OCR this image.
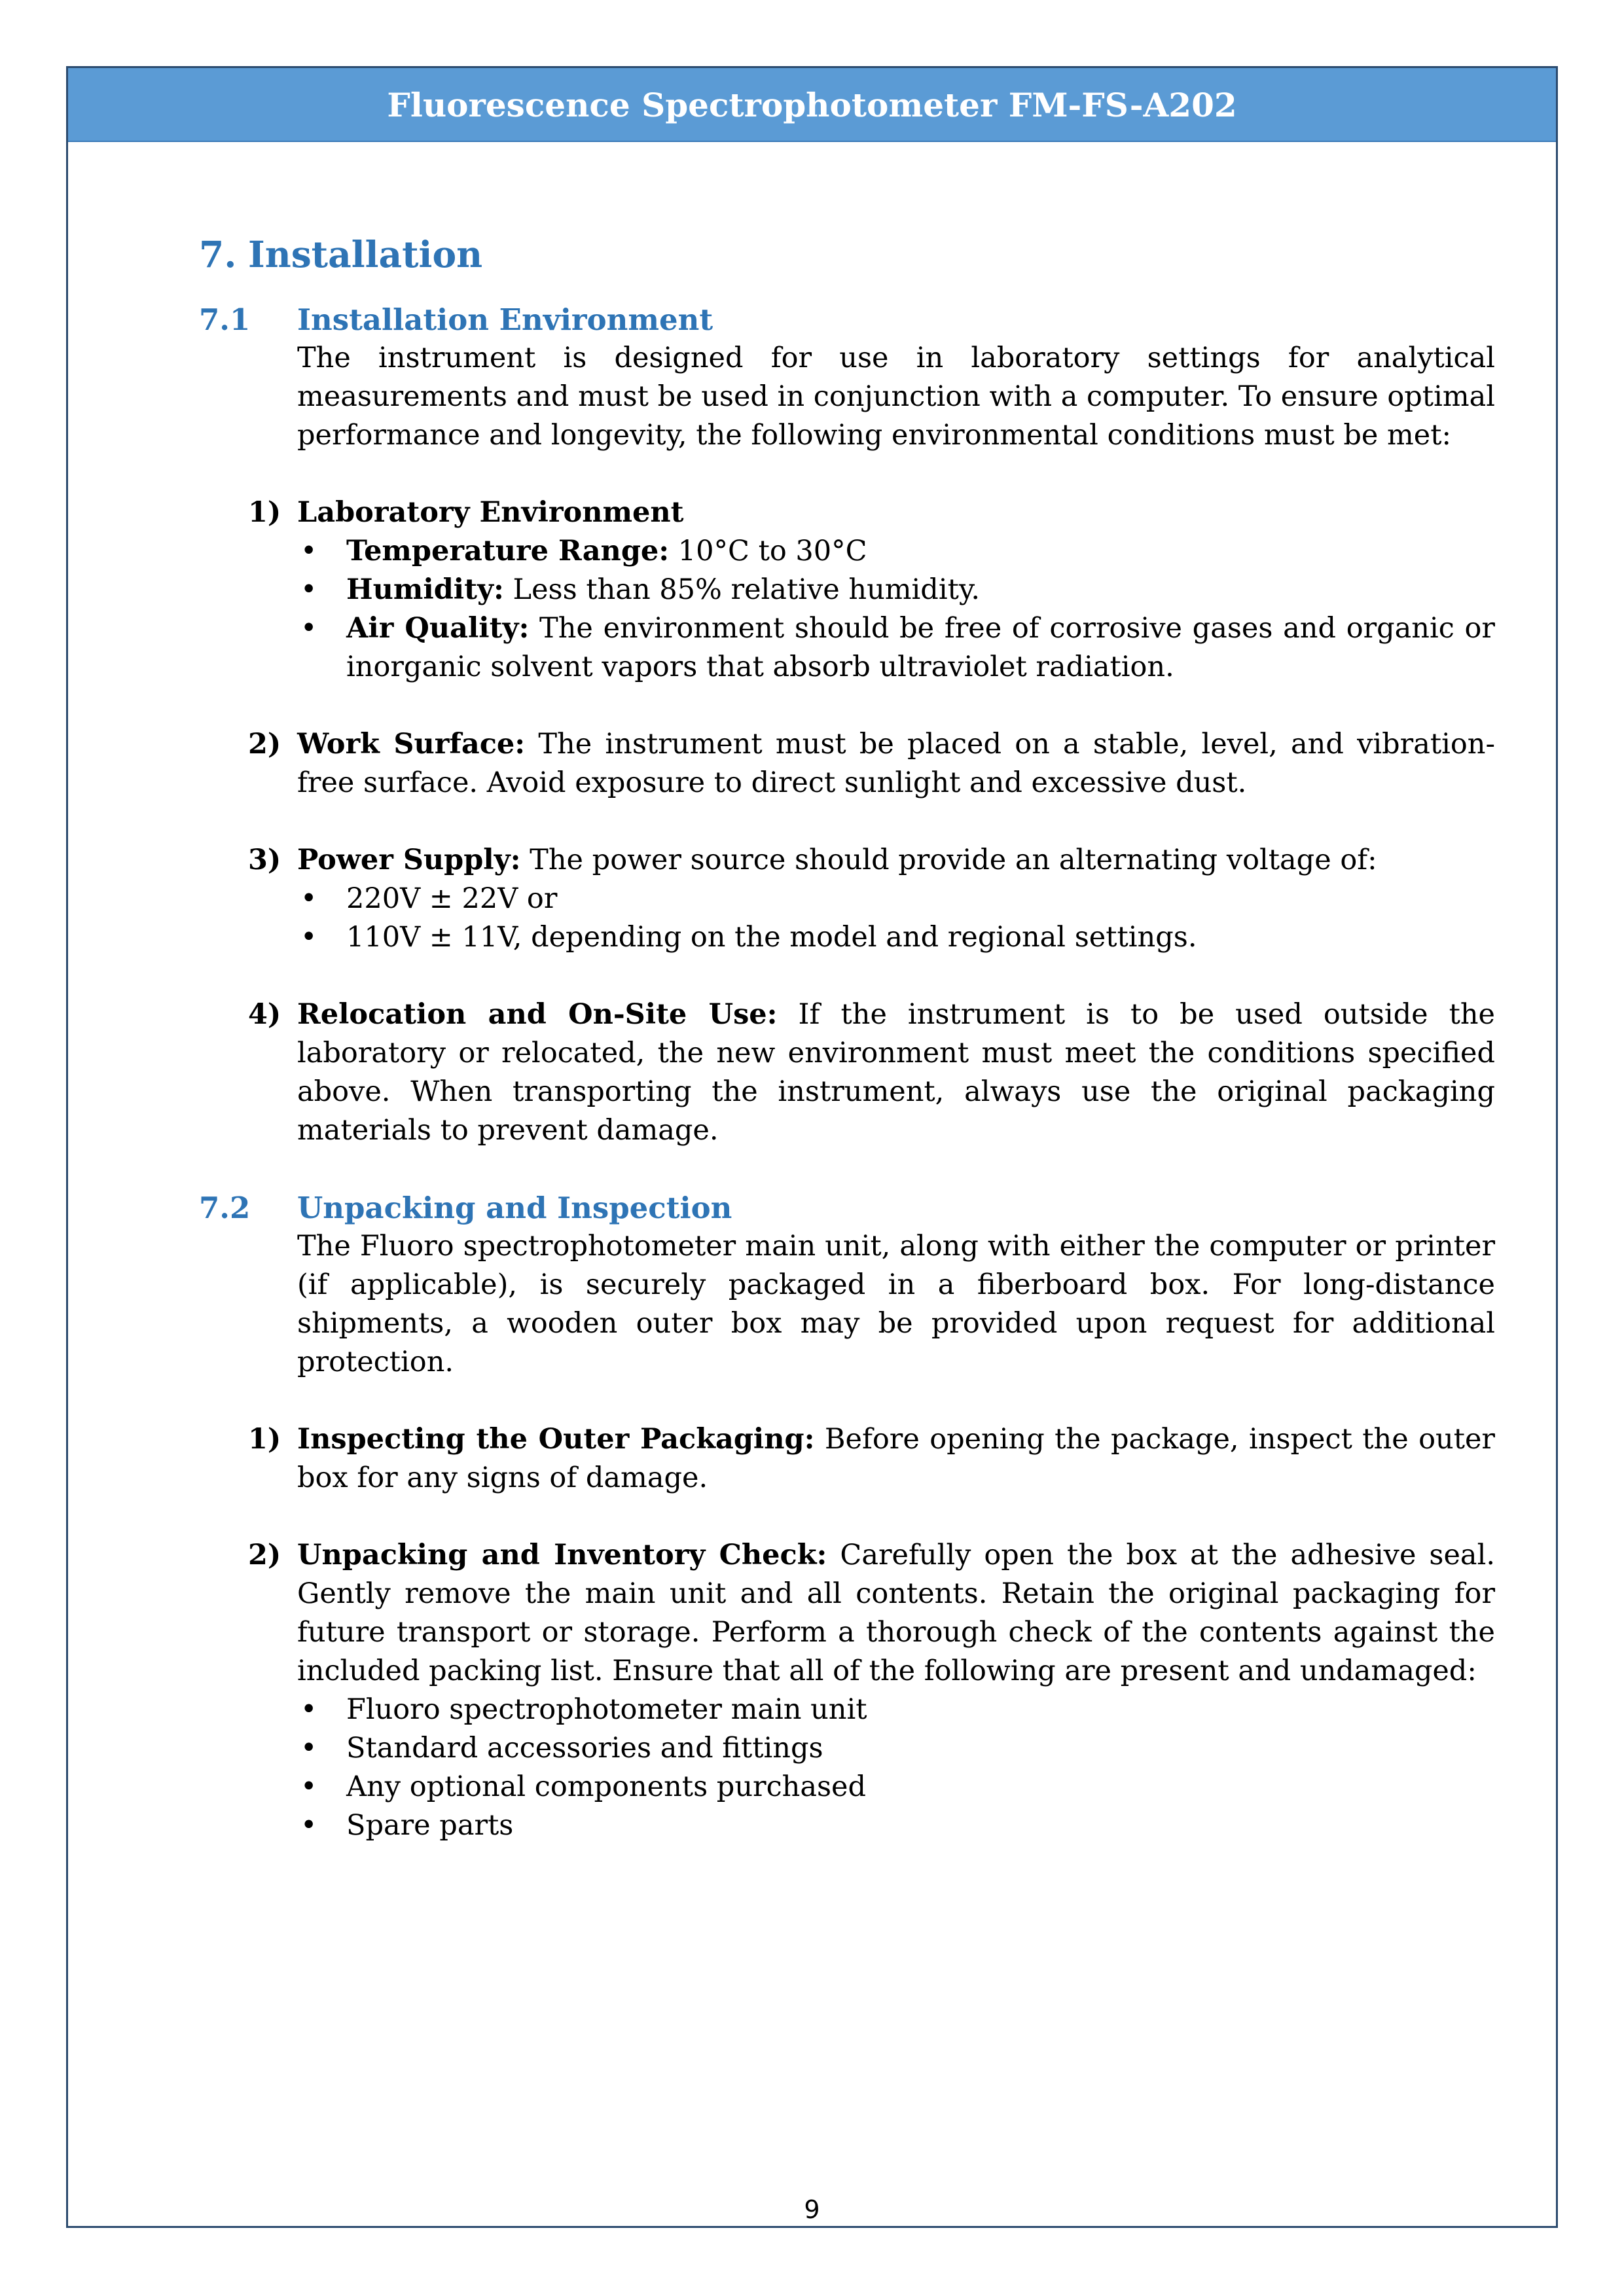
Fluorescence Spectrophotometer FM-FS-A202
7. Installation
7.1 Installation Environment

The instrument is designed for use in laboratory settings for analytical measurements and must be used in conjunction with a computer. To ensure optimal performance and longevity, the following environmental conditions must be met:

1) Laboratory Environment
• Temperature Range: 10°C to 30°C
• Humidity: Less than 85% relative humidity.
• Air Quality: The environment should be free of corrosive gases and organic or inorganic solvent vapors that absorb ultraviolet radiation.
2) Work Surface: The instrument must be placed on a stable, level, and vibration-free surface. Avoid exposure to direct sunlight and excessive dust.
3) Power Supply: The power source should provide an alternating voltage of:
• 220V ± 22V or
• 110V ± 11V, depending on the model and regional settings.
4) Relocation and On-Site Use: If the instrument is to be used outside the laboratory or relocated, the new environment must meet the conditions specified above. When transporting the instrument, always use the original packaging materials to prevent damage.
7.2 Unpacking and Inspection

The Fluoro spectrophotometer main unit, along with either the computer or printer (if applicable), is securely packaged in a fiberboard box. For long-distance shipments, a wooden outer box may be provided upon request for additional protection.

1) Inspecting the Outer Packaging: Before opening the package, inspect the outer box for any signs of damage.
2) Unpacking and Inventory Check: Carefully open the box at the adhesive seal. Gently remove the main unit and all contents. Retain the original packaging for future transport or storage. Perform a thorough check of the contents against the included packing list. Ensure that all of the following are present and undamaged:
• Fluoro spectrophotometer main unit
• Standard accessories and fittings
• Any optional components purchased
• Spare parts
9
